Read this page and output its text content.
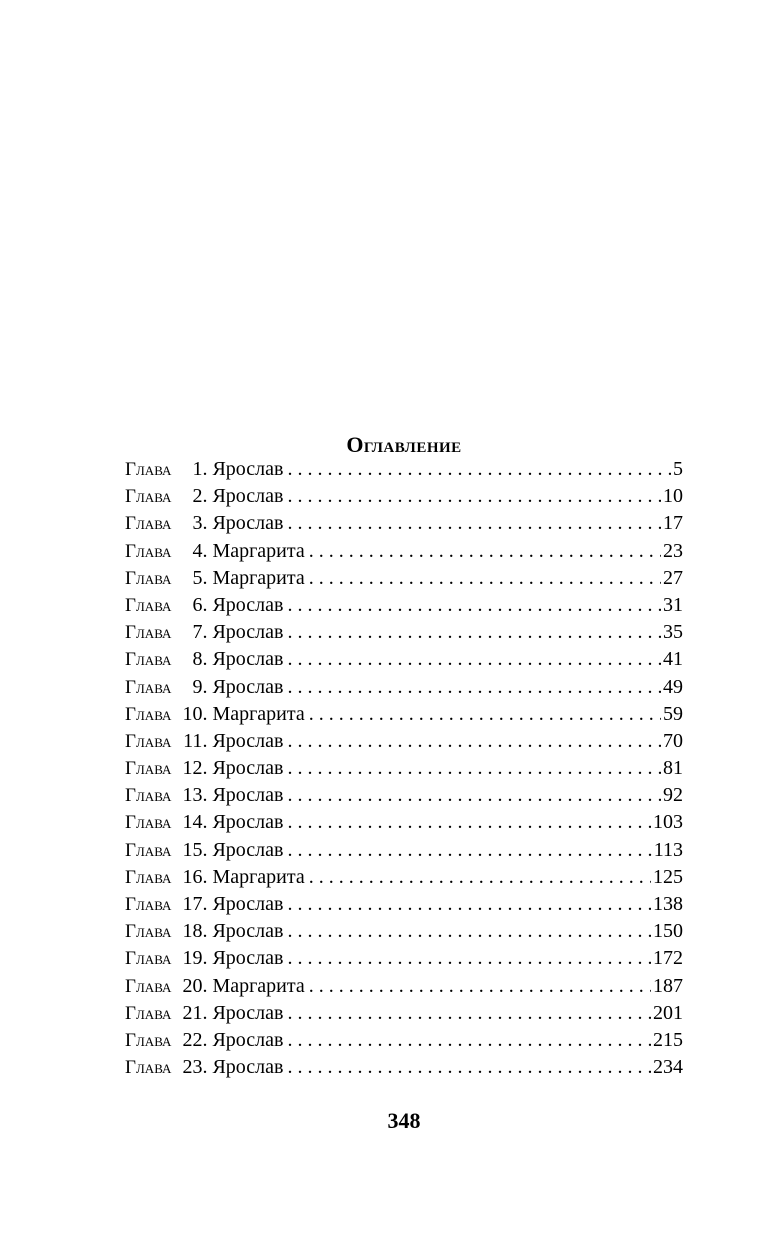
Оглавление
Глава	1 . Ярослав . . .	5
Глава	2 . Ярослав . . .	10
Глава	3 . Ярослав . . .	17
Глава	4 . Маргарита . . .	23
Глава	5 . Маргарита . . .	27
Глава	6 . Ярослав . . .	31
Глава	7 . Ярослав . . .	35
Глава	8 . Ярослав . . .	41
Глава	9 . Ярослав . . .	49
Глава 10 . Маргарита . . .	59
Глава 11 . Ярослав . . .	70
Глава 12 . Ярослав . . .	81
Глава 13 . Ярослав . . .	92
Глава 14 . Ярослав . . .	103
Глава 15 . Ярослав . . .	113
Глава 16 . Маргарита . . .	125
Глава 17 . Ярослав . . .	138
Глава 18 . Ярослав . . .	150
Глава 19 . Ярослав . . .	172
Глава 20 . Маргарита . . .	187
Глава 21 . Ярослав . . .	201
Глава 22 . Ярослав . . .	215
Глава 23 . Ярослав . . .	234
348
